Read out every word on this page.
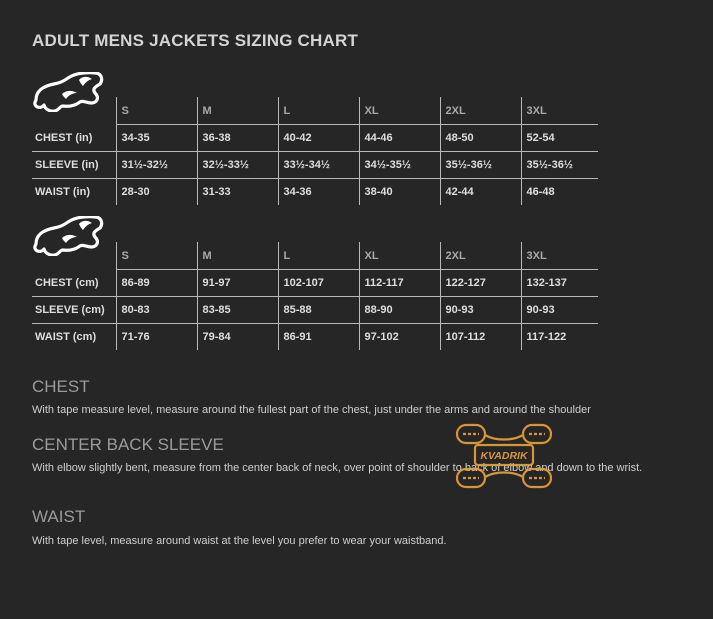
ADULT MENS JACKETS SIZING CHART
	S	M	L	XL	2XL	3XL
CHEST (in)	34-35	36-38	40-42	44-46	48-50	52-54
SLEEVE (in)	31½-32½	32½-33½	33½-34½	34½-35½	35½-36½	35½-36½
WAIST (in)	28-30	31-33	34-36	38-40	42-44	46-48
	S	M	L	XL	2XL	3XL
CHEST (cm)	86-89	91-97	102-107	112-117	122-127	132-137
SLEEVE (cm)	80-83	83-85	85-88	88-90	90-93	90-93
WAIST (cm)	71-76	79-84	86-91	97-102	107-112	117-122
CHEST
With tape measure level, measure around the fullest part of the chest, just under the arms and around the shoulder
CENTER BACK SLEEVE
With elbow slightly bent, measure from the center back of neck, over point of shoulder to back of elbow and down to the wrist.
WAIST
With tape level, measure around waist at the level you prefer to wear your waistband.
KVADRIK
